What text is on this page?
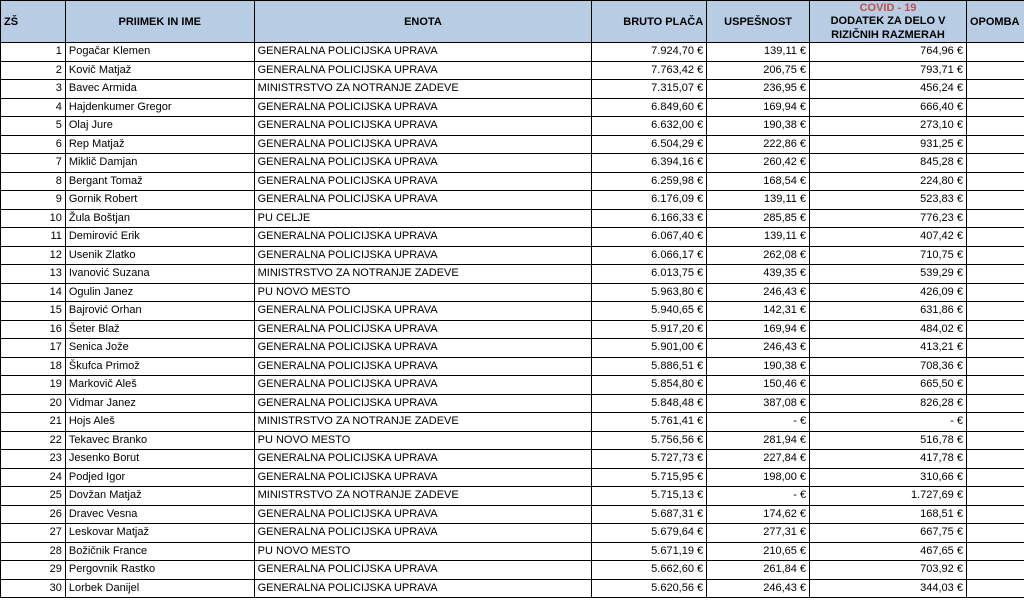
ZŠ	PRIIMEK IN IME	ENOTA	BRUTO PLAČA	USPEŠNOST	COVID - 19
DODATEK ZA DELO V
RIZIČNIH RAZMERAH	OPOMBA
1	Pogačar Klemen	GENERALNA POLICIJSKA UPRAVA	7.924,70 €	139,11 €	764,96 €	
2	Kovič Matjaž	GENERALNA POLICIJSKA UPRAVA	7.763,42 €	206,75 €	793,71 €	
3	Bavec Armida	MINISTRSTVO ZA NOTRANJE ZADEVE	7.315,07 €	236,95 €	456,24 €	
4	Hajdenkumer Gregor	GENERALNA POLICIJSKA UPRAVA	6.849,60 €	169,94 €	666,40 €	
5	Olaj Jure	GENERALNA POLICIJSKA UPRAVA	6.632,00 €	190,38 €	273,10 €	
6	Rep Matjaž	GENERALNA POLICIJSKA UPRAVA	6.504,29 €	222,86 €	931,25 €	
7	Miklič Damjan	GENERALNA POLICIJSKA UPRAVA	6.394,16 €	260,42 €	845,28 €	
8	Bergant Tomaž	GENERALNA POLICIJSKA UPRAVA	6.259,98 €	168,54 €	224,80 €	
9	Gornik Robert	GENERALNA POLICIJSKA UPRAVA	6.176,09 €	139,11 €	523,83 €	
10	Žula Boštjan	PU CELJE	6.166,33 €	285,85 €	776,23 €	
11	Demirović Erik	GENERALNA POLICIJSKA UPRAVA	6.067,40 €	139,11 €	407,42 €	
12	Usenik Zlatko	GENERALNA POLICIJSKA UPRAVA	6.066,17 €	262,08 €	710,75 €	
13	Ivanović Suzana	MINISTRSTVO ZA NOTRANJE ZADEVE	6.013,75 €	439,35 €	539,29 €	
14	Ogulin Janez	PU NOVO MESTO	5.963,80 €	246,43 €	426,09 €	
15	Bajrović Orhan	GENERALNA POLICIJSKA UPRAVA	5.940,65 €	142,31 €	631,86 €	
16	Šeter Blaž	GENERALNA POLICIJSKA UPRAVA	5.917,20 €	169,94 €	484,02 €	
17	Senica Jože	GENERALNA POLICIJSKA UPRAVA	5.901,00 €	246,43 €	413,21 €	
18	Škufca Primož	GENERALNA POLICIJSKA UPRAVA	5.886,51 €	190,38 €	708,36 €	
19	Markovič Aleš	GENERALNA POLICIJSKA UPRAVA	5.854,80 €	150,46 €	665,50 €	
20	Vidmar Janez	GENERALNA POLICIJSKA UPRAVA	5.848,48 €	387,08 €	826,28 €	
21	Hojs Aleš	MINISTRSTVO ZA NOTRANJE ZADEVE	5.761,41 €	- €	- €	
22	Tekavec Branko	PU NOVO MESTO	5.756,56 €	281,94 €	516,78 €	
23	Jesenko Borut	GENERALNA POLICIJSKA UPRAVA	5.727,73 €	227,84 €	417,78 €	
24	Podjed Igor	GENERALNA POLICIJSKA UPRAVA	5.715,95 €	198,00 €	310,66 €	
25	Dovžan Matjaž	MINISTRSTVO ZA NOTRANJE ZADEVE	5.715,13 €	- €	1.727,69 €	
26	Dravec Vesna	GENERALNA POLICIJSKA UPRAVA	5.687,31 €	174,62 €	168,51 €	
27	Leskovar Matjaž	GENERALNA POLICIJSKA UPRAVA	5.679,64 €	277,31 €	667,75 €	
28	Božičnik France	PU NOVO MESTO	5.671,19 €	210,65 €	467,65 €	
29	Pergovnik Rastko	GENERALNA POLICIJSKA UPRAVA	5.662,60 €	261,84 €	703,92 €	
30	Lorbek Danijel	GENERALNA POLICIJSKA UPRAVA	5.620,56 €	246,43 €	344,03 €	
